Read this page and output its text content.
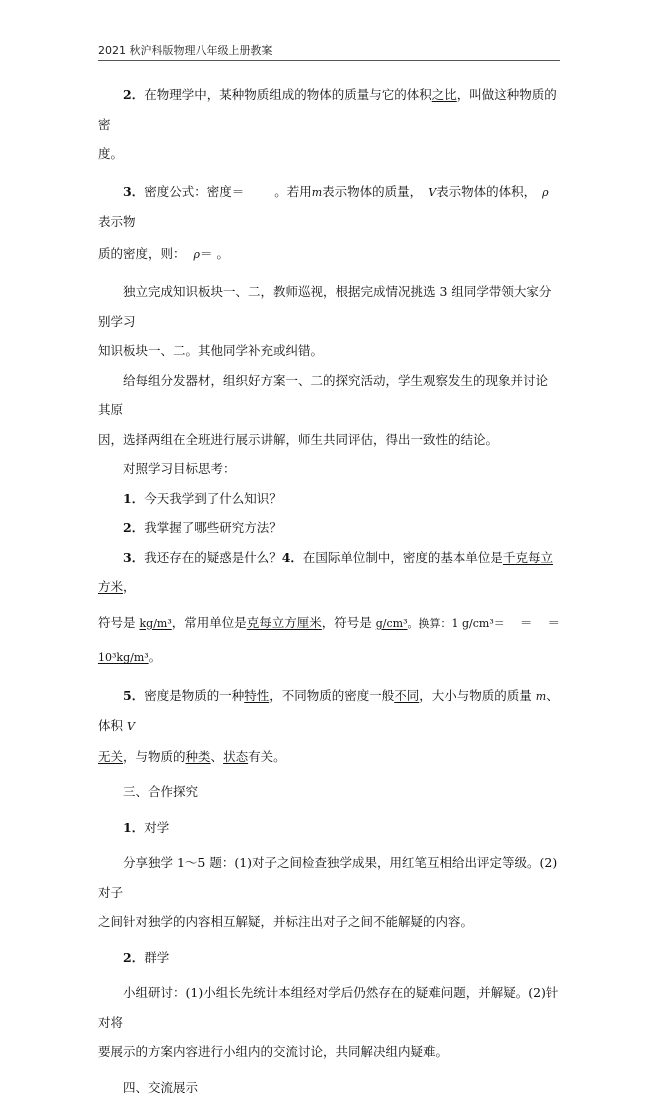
2021 秋沪科版物理八年级上册教案

2．在物理学中，某种物质组成的物体的质量与它的体积之比，叫做这种物质的密

度。

3．密度公式：密度＝ 。若用m表示物体的质量， V表示物体的体积， ρ表示物

质的密度，则： ρ＝ 。

独立完成知识板块一、二，教师巡视，根据完成情况挑选 3 组同学带领大家分别学习

知识板块一、二。其他同学补充或纠错。

给每组分发器材，组织好方案一、二的探究活动，学生观察发生的现象并讨论其原

因，选择两组在全班进行展示讲解，师生共同评估，得出一致性的结论。

对照学习目标思考：

1．今天我学到了什么知识？

2．我掌握了哪些研究方法？

3．我还存在的疑惑是什么？4．在国际单位制中，密度的基本单位是千克每立方米，

符号是 kg/m³，常用单位是克每立方厘米，符号是 g/cm³。换算：1 g/cm³＝ ＝ ＝

10³kg/m³。

5．密度是物质的一种特性，不同物质的密度一般不同，大小与物质的质量 m、体积 V

无关，与物质的种类、状态有关。

三、合作探究

1．对学

分享独学 1～5 题：(1)对子之间检查独学成果，用红笔互相给出评定等级。(2)对子

之间针对独学的内容相互解疑，并标注出对子之间不能解疑的内容。

2．群学

小组研讨：(1)小组长先统计本组经对学后仍然存在的疑难问题，并解疑。(2)针对将

要展示的方案内容进行小组内的交流讨论，共同解决组内疑难。

四、交流展示
